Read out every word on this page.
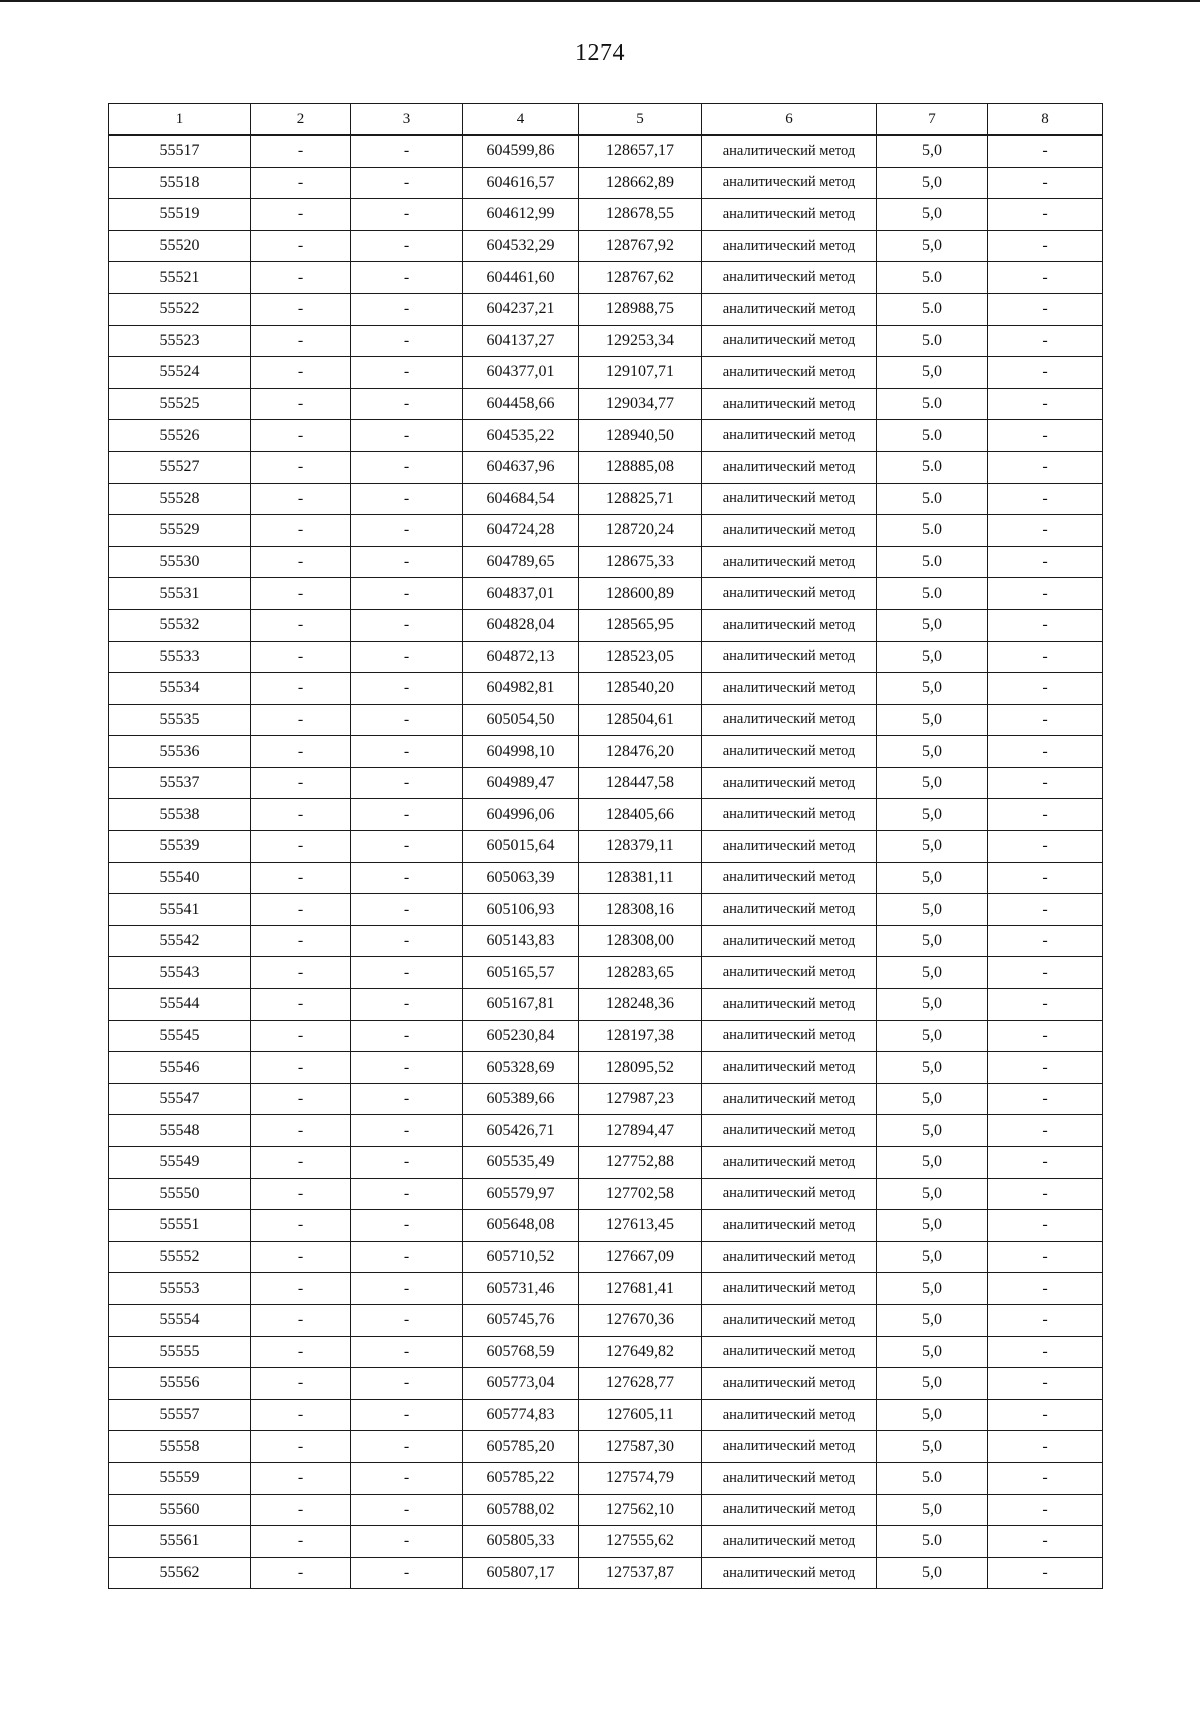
1274
1	2	3	4	5	6	7	8
55517	-	-	604599,86	128657,17	аналитический метод	5,0	-
55518	-	-	604616,57	128662,89	аналитический метод	5,0	-
55519	-	-	604612,99	128678,55	аналитический метод	5,0	-
55520	-	-	604532,29	128767,92	аналитический метод	5,0	-
55521	-	-	604461,60	128767,62	аналитический метод	5.0	-
55522	-	-	604237,21	128988,75	аналитический метод	5.0	-
55523	-	-	604137,27	129253,34	аналитический метод	5.0	-
55524	-	-	604377,01	129107,71	аналитический метод	5,0	-
55525	-	-	604458,66	129034,77	аналитический метод	5.0	-
55526	-	-	604535,22	128940,50	аналитический метод	5.0	-
55527	-	-	604637,96	128885,08	аналитический метод	5.0	-
55528	-	-	604684,54	128825,71	аналитический метод	5.0	-
55529	-	-	604724,28	128720,24	аналитический метод	5.0	-
55530	-	-	604789,65	128675,33	аналитический метод	5.0	-
55531	-	-	604837,01	128600,89	аналитический метод	5.0	-
55532	-	-	604828,04	128565,95	аналитический метод	5,0	-
55533	-	-	604872,13	128523,05	аналитический метод	5,0	-
55534	-	-	604982,81	128540,20	аналитический метод	5,0	-
55535	-	-	605054,50	128504,61	аналитический метод	5,0	-
55536	-	-	604998,10	128476,20	аналитический метод	5,0	-
55537	-	-	604989,47	128447,58	аналитический метод	5,0	-
55538	-	-	604996,06	128405,66	аналитический метод	5,0	-
55539	-	-	605015,64	128379,11	аналитический метод	5,0	-
55540	-	-	605063,39	128381,11	аналитический метод	5,0	-
55541	-	-	605106,93	128308,16	аналитический метод	5,0	-
55542	-	-	605143,83	128308,00	аналитический метод	5,0	-
55543	-	-	605165,57	128283,65	аналитический метод	5,0	-
55544	-	-	605167,81	128248,36	аналитический метод	5,0	-
55545	-	-	605230,84	128197,38	аналитический метод	5,0	-
55546	-	-	605328,69	128095,52	аналитический метод	5,0	-
55547	-	-	605389,66	127987,23	аналитический метод	5,0	-
55548	-	-	605426,71	127894,47	аналитический метод	5,0	-
55549	-	-	605535,49	127752,88	аналитический метод	5,0	-
55550	-	-	605579,97	127702,58	аналитический метод	5,0	-
55551	-	-	605648,08	127613,45	аналитический метод	5,0	-
55552	-	-	605710,52	127667,09	аналитический метод	5,0	-
55553	-	-	605731,46	127681,41	аналитический метод	5,0	-
55554	-	-	605745,76	127670,36	аналитический метод	5,0	-
55555	-	-	605768,59	127649,82	аналитический метод	5,0	-
55556	-	-	605773,04	127628,77	аналитический метод	5,0	-
55557	-	-	605774,83	127605,11	аналитический метод	5,0	-
55558	-	-	605785,20	127587,30	аналитический метод	5,0	-
55559	-	-	605785,22	127574,79	аналитический метод	5.0	-
55560	-	-	605788,02	127562,10	аналитический метод	5,0	-
55561	-	-	605805,33	127555,62	аналитический метод	5.0	-
55562	-	-	605807,17	127537,87	аналитический метод	5,0	-
